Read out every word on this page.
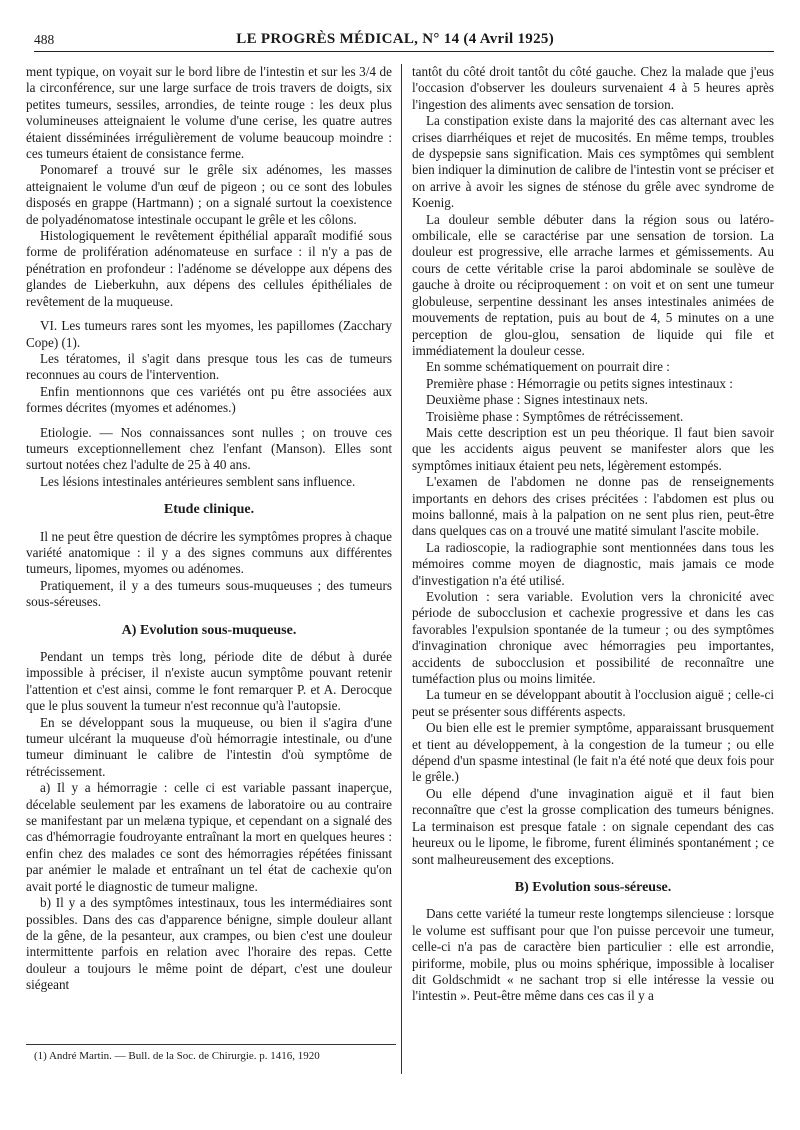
488	LE PROGRÈS MÉDICAL, N° 14 (4 Avril 1925)

ment typique, on voyait sur le bord libre de l'intestin et sur les 3/4 de la circonférence, sur une large surface de trois travers de doigts, six petites tumeurs, sessiles, arrondies, de teinte rouge : les deux plus volumineuses atteignaient le volume d'une cerise, les quatre autres étaient disséminées irrégulièrement de volume beaucoup moindre : ces tumeurs étaient de consistance ferme.

Ponomaref a trouvé sur le grêle six adénomes, les masses atteignaient le volume d'un œuf de pigeon ; ou ce sont des lobules disposés en grappe (Hartmann) ; on a signalé surtout la coexistence de polyadénomatose intestinale occupant le grêle et les côlons.

Histologiquement le revêtement épithélial apparaît modifié sous forme de prolifération adénomateuse en surface : il n'y a pas de pénétration en profondeur : l'adénome se développe aux dépens des glandes de Lieberkuhn, aux dépens des cellules épithéliales de revêtement de la muqueuse.

VI. Les tumeurs rares sont les myomes, les papillomes (Zacchary Cope) (1).

Les tératomes, il s'agit dans presque tous les cas de tumeurs reconnues au cours de l'intervention.

Enfin mentionnons que ces variétés ont pu être associées aux formes décrites (myomes et adénomes.)

Etiologie. — Nos connaissances sont nulles ; on trouve ces tumeurs exceptionnellement chez l'enfant (Manson). Elles sont surtout notées chez l'adulte de 25 à 40 ans.

Les lésions intestinales antérieures semblent sans influence.

Etude clinique.

Il ne peut être question de décrire les symptômes propres à chaque variété anatomique : il y a des signes communs aux différentes tumeurs, lipomes, myomes ou adénomes.

Pratiquement, il y a des tumeurs sous-muqueuses ; des tumeurs sous-séreuses.

A) Evolution sous-muqueuse.

Pendant un temps très long, période dite de début à durée impossible à préciser, il n'existe aucun symptôme pouvant retenir l'attention et c'est ainsi, comme le font remarquer P. et A. Derocque que le plus souvent la tumeur n'est reconnue qu'à l'autopsie.

En se développant sous la muqueuse, ou bien il s'agira d'une tumeur ulcérant la muqueuse d'où hémorragie intestinale, ou d'une tumeur diminuant le calibre de l'intestin d'où symptôme de rétrécissement.

a) Il y a hémorragie : celle ci est variable passant inaperçue, décelable seulement par les examens de laboratoire ou au contraire se manifestant par un melæna typique, et cependant on a signalé des cas d'hémorragie foudroyante entraînant la mort en quelques heures : enfin chez des malades ce sont des hémorragies répétées finissant par anémier le malade et entraînant un tel état de cachexie qu'on avait porté le diagnostic de tumeur maligne.

b) Il y a des symptômes intestinaux, tous les intermédiaires sont possibles. Dans des cas d'apparence bénigne, simple douleur allant de la gêne, de la pesanteur, aux crampes, ou bien c'est une douleur intermittente parfois en relation avec l'horaire des repas. Cette douleur a toujours le même point de départ, c'est une douleur siégeant

tantôt du côté droit tantôt du côté gauche. Chez la malade que j'eus l'occasion d'observer les douleurs survenaient 4 à 5 heures après l'ingestion des aliments avec sensation de torsion.

La constipation existe dans la majorité des cas alternant avec les crises diarrhéiques et rejet de mucosités. En même temps, troubles de dyspepsie sans signification. Mais ces symptômes qui semblent bien indiquer la diminution de calibre de l'intestin vont se préciser et on arrive à avoir les signes de sténose du grêle avec syndrome de Koenig.

La douleur semble débuter dans la région sous ou latéro-ombilicale, elle se caractérise par une sensation de torsion. La douleur est progressive, elle arrache larmes et gémissements. Au cours de cette véritable crise la paroi abdominale se soulève de gauche à droite ou réciproquement : on voit et on sent une tumeur globuleuse, serpentine dessinant les anses intestinales animées de mouvements de reptation, puis au bout de 4, 5 minutes on a une perception de glou-glou, sensation de liquide qui file et immédiatement la douleur cesse.

En somme schématiquement on pourrait dire :

Première phase : Hémorragie ou petits signes intestinaux :

Deuxième phase : Signes intestinaux nets.

Troisième phase : Symptômes de rétrécissement.

Mais cette description est un peu théorique. Il faut bien savoir que les accidents aigus peuvent se manifester alors que les symptômes initiaux étaient peu nets, légèrement estompés.

L'examen de l'abdomen ne donne pas de renseignements importants en dehors des crises précitées : l'abdomen est plus ou moins ballonné, mais à la palpation on ne sent plus rien, peut-être dans quelques cas on a trouvé une matité simulant l'ascite mobile.

La radioscopie, la radiographie sont mentionnées dans tous les mémoires comme moyen de diagnostic, mais jamais ce mode d'investigation n'a été utilisé.

Evolution : sera variable. Evolution vers la chronicité avec période de subocclusion et cachexie progressive et dans les cas favorables l'expulsion spontanée de la tumeur ; ou des symptômes d'invagination chronique avec hémorragies peu importantes, accidents de subocclusion et possibilité de reconnaître une tuméfaction plus ou moins limitée.

La tumeur en se développant aboutit à l'occlusion aiguë ; celle-ci peut se présenter sous différents aspects.

Ou bien elle est le premier symptôme, apparaissant brusquement et tient au développement, à la congestion de la tumeur ; ou elle dépend d'un spasme intestinal (le fait n'a été noté que deux fois pour le grêle.)

Ou elle dépend d'une invagination aiguë et il faut bien reconnaître que c'est la grosse complication des tumeurs bénignes. La terminaison est presque fatale : on signale cependant des cas heureux ou le lipome, le fibrome, furent éliminés spontanément ; ce sont malheureusement des exceptions.

B) Evolution sous-séreuse.

Dans cette variété la tumeur reste longtemps silencieuse : lorsque le volume est suffisant pour que l'on puisse percevoir une tumeur, celle-ci n'a pas de caractère bien particulier : elle est arrondie, piriforme, mobile, plus ou moins sphérique, impossible à localiser dit Goldschmidt « ne sachant trop si elle intéresse la vessie ou l'intestin ». Peut-être même dans ces cas il y a

(1) André Martin. — Bull. de la Soc. de Chirurgie. p. 1416, 1920
